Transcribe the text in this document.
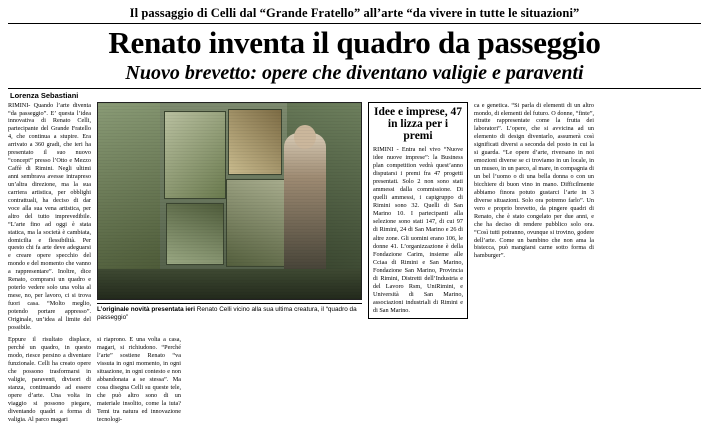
Il passaggio di Celli dal “Grande Fratello” all’arte “da vivere in tutte le situazioni”
Renato inventa il quadro da passeggio
Nuovo brevetto: opere che diventano valigie e paraventi
Lorenza Sebastiani
RIMINI- Quando l’arte diventa “da passeggio”. E’ questa l’idea innovativa di Renato Celli, partecipante del Grande Fratello 4, che continua a stupire. Era arrivato a 360 gradi, che ieri ha presentato il suo nuovo “concept” presso l’Otto e Mezzo Caffè di Rimini. Negli ultimi anni sembrava avesse intrapreso un’altra direzione, ma la sua carriera artistica, per obblighi contrattuali, ha deciso di dar voce alla sua vena artistica, per altro del tutto imprevedibile. “L’arte fino ad oggi è stata statica, ma la società è cambiata, domicilia e flessibilità. Per questo chi fa arte deve adeguarsi e creare opere specchio del mondo e del momento che vanno a rappresentare”. Inoltre, dice Renato, comprarsi un quadro e poterlo vedere solo una volta al mese, no, per lavoro, ci si trova fuori casa. “Molto meglio, potendo portare appresso”. Originale, un’idea al limite del possibile.
L’originale novità presentata ieri Renato Celli vicino alla sua ultima creatura, il “quadro da passeggio”
Idee e imprese, 47 in lizza per i premi
RIMINI - Entra nel vivo “Nuove idee nuove imprese”: la Business plan competition vedrà quest’anno disputarsi i premi fra 47 progetti presentati. Solo 2 non sono stati ammessi dalla commissione. Di quelli ammessi, i capigruppo di Rimini sono 32. Quelli di San Marino 10. I partecipanti alla selezione sono stati 147, di cui 97 di Rimini, 24 di San Marino e 26 di altre zone. Gli uomini erano 106, le donne 41. L’organizzazione è della Fondazione Carim, insieme alle Cciaa di Rimini e San Marino, Fondazione San Marino, Provincia di Rimini, Distretti dell’Industria e del Lavoro Rsm, UniRimini, e Università di San Marino, associazioni industriali di Rimini e di San Marino.
ca e genetica. “Si parla di elementi di un altro mondo, di elementi del futuro. O donne, “finte”, ritratte rappresentate come la frutta dei laboratori”. L’opere, che si avvicina ad un elemento di design diventarlo, assumerà così significati diversi a seconda del posto in cui la si guarda. “Le opere d’arte, riversano in noi emozioni diverse se ci troviamo in un locale, in un museo, in un parco, al mare, in compagnia di un bel l’uomo o di una bella donna o con un bicchiere di buon vino in mano. Difficilmente abbiamo finora potuto gustarci l’arte in 3 diverse situazioni. Solo ora potremo farlo”. Un vero e proprio brevetto, da pingere quadri di Renato, che è stato congelato per due anni, e che ha deciso di rendere pubblico solo ora. “Così tutti potranno, ovunque si trovino, godere dell’arte. Come un bambino che non ama la bistecca, può mangiarsi carne sotto forma di hamburger”.
Eppure il risultato displace, perché un quadro, in questo modo, riesce persino a diventare funzionale. Celli ha creato opere che possono trasformarsi in valigie, paraventi, divisori di stanza, continuando ad essere opere d’arte. Una volta in viaggio si possono piegare, diventando quadri a forma di valigia. Al parco magari
si riaprono. E una volta a casa, magari, si richiudono. “Perché l’arte” sostiene Renato “va vissuta in ogni momento, in ogni situazione, in ogni contesto e non abbandonata a se stessa”. Ma cosa disegna Celli su queste tele, che può altro sono di un materiale insolito, come la iuta? Temi tra natura ed innovazione tecnologi-
